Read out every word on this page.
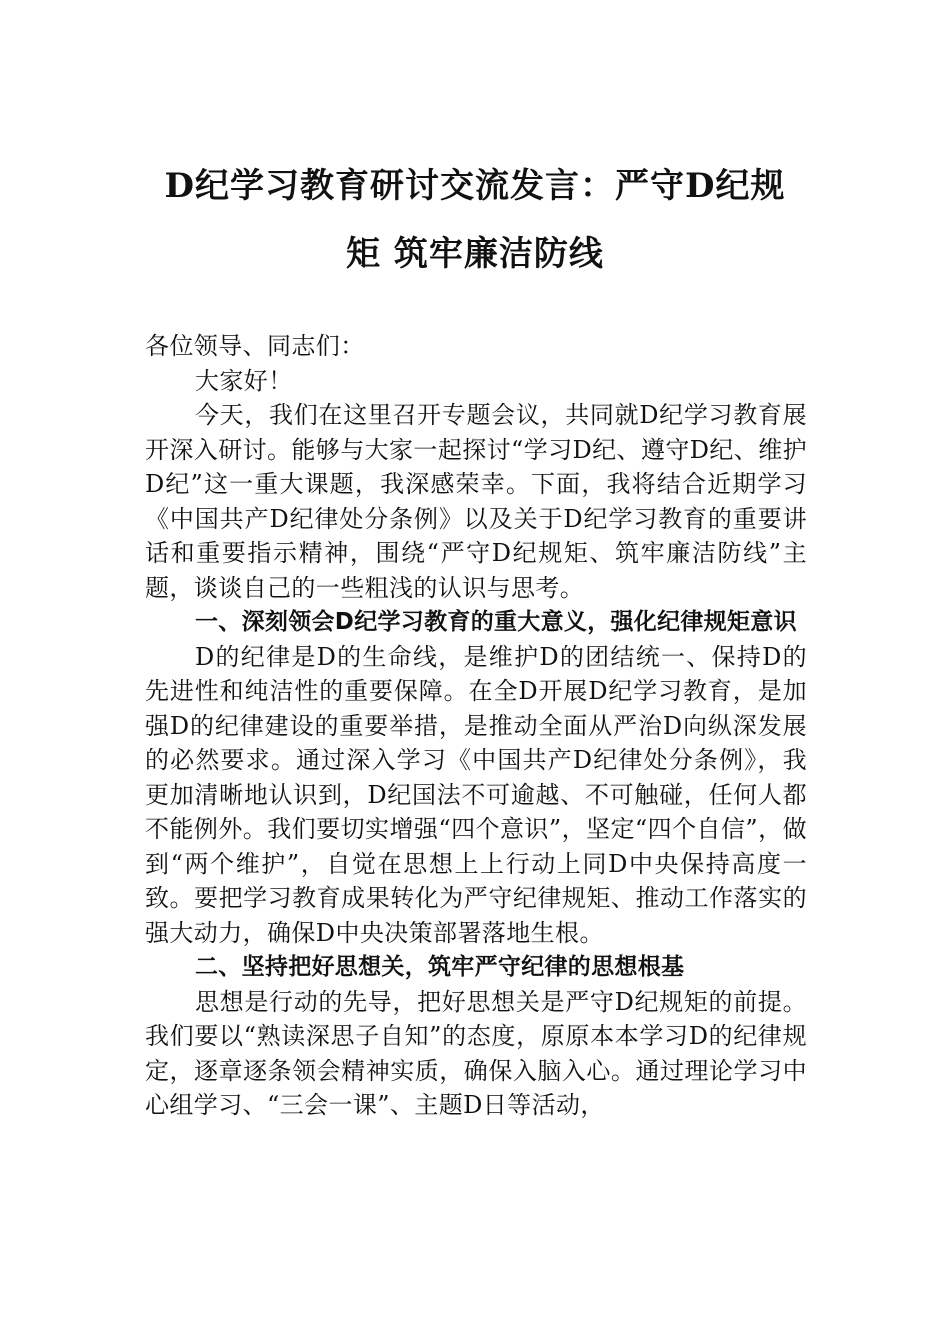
D纪学习教育研讨交流发言：严守D纪规
矩 筑牢廉洁防线

各位领导、同志们：

大家好！

今天，我们在这里召开专题会议，共同就D纪学习教育展开深入研讨。能够与大家一起探讨“学习D纪、遵守D纪、维护D纪”这一重大课题，我深感荣幸。下面，我将结合近期学习《中国共产D纪律处分条例》以及关于D纪学习教育的重要讲话和重要指示精神，围绕“严守D纪规矩、筑牢廉洁防线”主题，谈谈自己的一些粗浅的认识与思考。

一、深刻领会D纪学习教育的重大意义，强化纪律规矩意识

D的纪律是D的生命线，是维护D的团结统一、保持D的先进性和纯洁性的重要保障。在全D开展D纪学习教育，是加强D的纪律建设的重要举措，是推动全面从严治D向纵深发展的必然要求。通过深入学习《中国共产D纪律处分条例》，我更加清晰地认识到，D纪国法不可逾越、不可触碰，任何人都不能例外。我们要切实增强“四个意识”，坚定“四个自信”，做到“两个维护”，自觉在思想上上行动上同D中央保持高度一致。要把学习教育成果转化为严守纪律规矩、推动工作落实的强大动力，确保D中央决策部署落地生根。

二、坚持把好思想关，筑牢严守纪律的思想根基

思想是行动的先导，把好思想关是严守D纪规矩的前提。我们要以“熟读深思子自知”的态度，原原本本学习D的纪律规定，逐章逐条领会精神实质，确保入脑入心。通过理论学习中心组学习、“三会一课”、主题D日等活动，
